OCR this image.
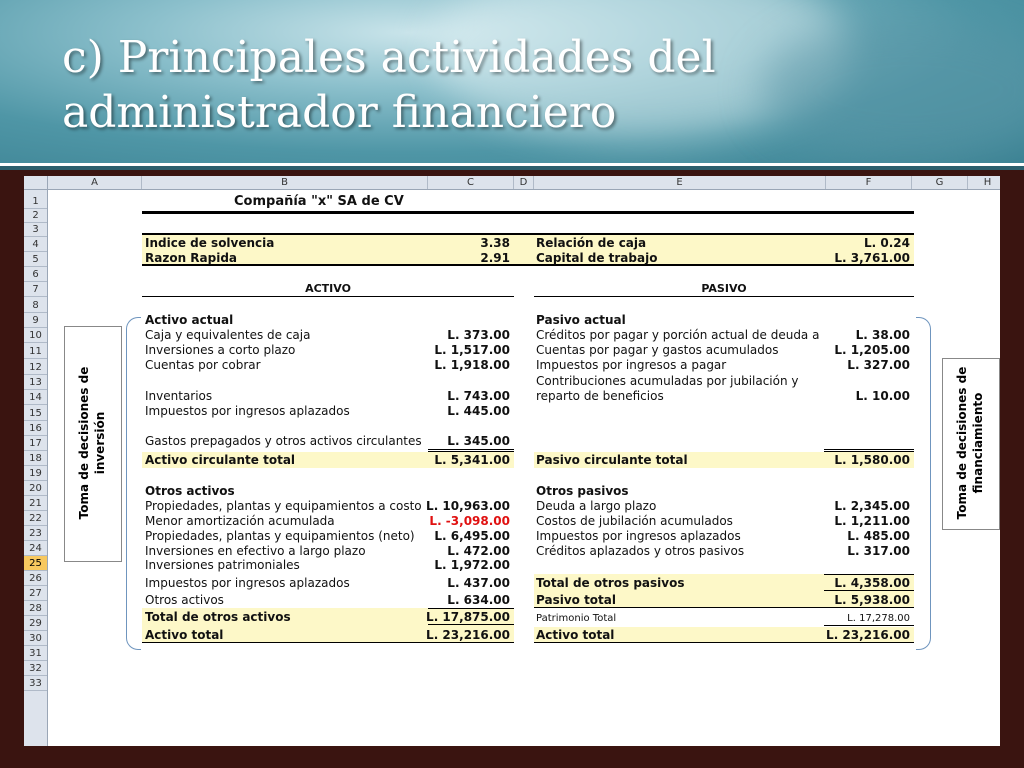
c) Principales actividades del
administrador financiero
A	B	C	D	E	F	G	H
1
2
3
4
5
6
7
8
9
10
11
12
13
14
15
16
17
18
19
20
21
22
23
24
25
26
27
28
29
30
31
32
33
Toma de decisiones de inversión	Toma de decisiones de financiamiento
Compañía "x" SA de CV
Indice de solvencia	3.38
Razon Rapida	2.91
Relación de caja	L. 0.24
Capital de trabajo	L. 3,761.00
ACTIVO	PASIVO
Activo actual
Caja y equivalentes de caja	L. 373.00
Inversiones a corto plazo	L. 1,517.00
Cuentas por cobrar	L. 1,918.00
Inventarios	L. 743.00
Impuestos por ingresos aplazados	L. 445.00
Gastos prepagados y otros activos circulantes	L. 345.00
Activo circulante total	L. 5,341.00
Otros activos
Propiedades, plantas y equipamientos a costo L. 10,963.00
Menor amortización acumulada	L. -3,098.00
Propiedades, plantas y equipamientos (neto)	L. 6,495.00
Inversiones en efectivo a largo plazo	L. 472.00
Inversiones patrimoniales	L. 1,972.00
Impuestos por ingresos aplazados	L. 437.00
Otros activos	L. 634.00
Total de otros activos	L. 17,875.00
Activo total	L. 23,216.00
Pasivo actual
Créditos por pagar y porción actual de deuda a	L. 38.00
Cuentas por pagar y gastos acumulados	L. 1,205.00
Impuestos por ingresos a pagar	L. 327.00
Contribuciones acumuladas por jubilación y
reparto de beneficios	L. 10.00
Pasivo circulante total	L. 1,580.00
Otros pasivos
Deuda a largo plazo	L. 2,345.00
Costos de jubilación acumulados	L. 1,211.00
Impuestos por ingresos aplazados	L. 485.00
Créditos aplazados y otros pasivos	L. 317.00
Total de otros pasivos	L. 4,358.00
Pasivo total	L. 5,938.00
Patrimonio Total	L. 17,278.00
Activo total	L. 23,216.00
